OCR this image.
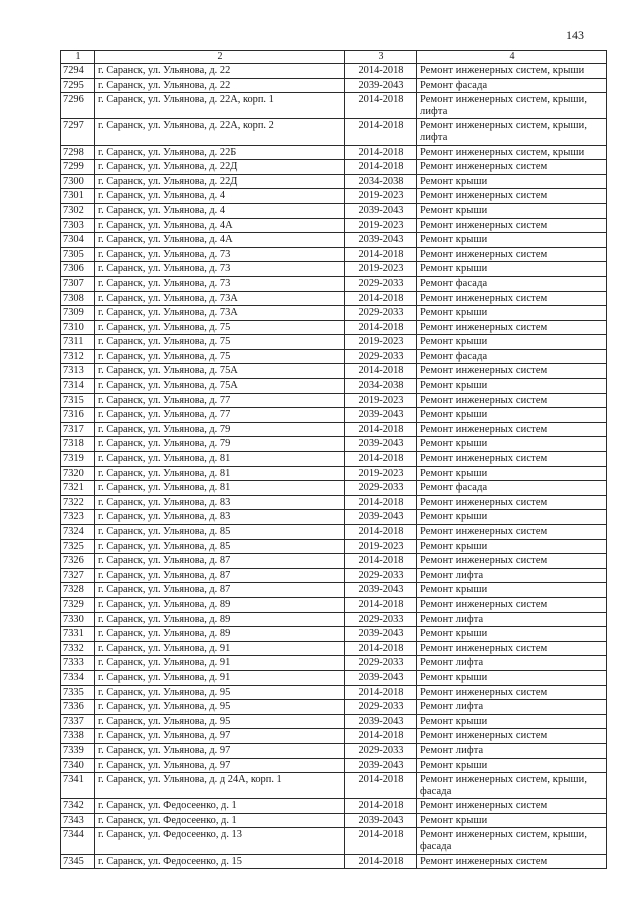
143
1	2	3	4
7294	г. Саранск, ул. Ульянова, д. 22	2014-2018	Ремонт инженерных систем, крыши
7295	г. Саранск, ул. Ульянова, д. 22	2039-2043	Ремонт фасада
7296	г. Саранск, ул. Ульянова, д. 22А, корп. 1	2014-2018	Ремонт инженерных систем, крыши, лифта
7297	г. Саранск, ул. Ульянова, д. 22А, корп. 2	2014-2018	Ремонт инженерных систем, крыши, лифта
7298	г. Саранск, ул. Ульянова, д. 22Б	2014-2018	Ремонт инженерных систем, крыши
7299	г. Саранск, ул. Ульянова, д. 22Д	2014-2018	Ремонт инженерных систем
7300	г. Саранск, ул. Ульянова, д. 22Д	2034-2038	Ремонт крыши
7301	г. Саранск, ул. Ульянова, д. 4	2019-2023	Ремонт инженерных систем
7302	г. Саранск, ул. Ульянова, д. 4	2039-2043	Ремонт крыши
7303	г. Саранск, ул. Ульянова, д. 4А	2019-2023	Ремонт инженерных систем
7304	г. Саранск, ул. Ульянова, д. 4А	2039-2043	Ремонт крыши
7305	г. Саранск, ул. Ульянова, д. 73	2014-2018	Ремонт инженерных систем
7306	г. Саранск, ул. Ульянова, д. 73	2019-2023	Ремонт крыши
7307	г. Саранск, ул. Ульянова, д. 73	2029-2033	Ремонт фасада
7308	г. Саранск, ул. Ульянова, д. 73А	2014-2018	Ремонт инженерных систем
7309	г. Саранск, ул. Ульянова, д. 73А	2029-2033	Ремонт крыши
7310	г. Саранск, ул. Ульянова, д. 75	2014-2018	Ремонт инженерных систем
7311	г. Саранск, ул. Ульянова, д. 75	2019-2023	Ремонт крыши
7312	г. Саранск, ул. Ульянова, д. 75	2029-2033	Ремонт фасада
7313	г. Саранск, ул. Ульянова, д. 75А	2014-2018	Ремонт инженерных систем
7314	г. Саранск, ул. Ульянова, д. 75А	2034-2038	Ремонт крыши
7315	г. Саранск, ул. Ульянова, д. 77	2019-2023	Ремонт инженерных систем
7316	г. Саранск, ул. Ульянова, д. 77	2039-2043	Ремонт крыши
7317	г. Саранск, ул. Ульянова, д. 79	2014-2018	Ремонт инженерных систем
7318	г. Саранск, ул. Ульянова, д. 79	2039-2043	Ремонт крыши
7319	г. Саранск, ул. Ульянова, д. 81	2014-2018	Ремонт инженерных систем
7320	г. Саранск, ул. Ульянова, д. 81	2019-2023	Ремонт крыши
7321	г. Саранск, ул. Ульянова, д. 81	2029-2033	Ремонт фасада
7322	г. Саранск, ул. Ульянова, д. 83	2014-2018	Ремонт инженерных систем
7323	г. Саранск, ул. Ульянова, д. 83	2039-2043	Ремонт крыши
7324	г. Саранск, ул. Ульянова, д. 85	2014-2018	Ремонт инженерных систем
7325	г. Саранск, ул. Ульянова, д. 85	2019-2023	Ремонт крыши
7326	г. Саранск, ул. Ульянова, д. 87	2014-2018	Ремонт инженерных систем
7327	г. Саранск, ул. Ульянова, д. 87	2029-2033	Ремонт лифта
7328	г. Саранск, ул. Ульянова, д. 87	2039-2043	Ремонт крыши
7329	г. Саранск, ул. Ульянова, д. 89	2014-2018	Ремонт инженерных систем
7330	г. Саранск, ул. Ульянова, д. 89	2029-2033	Ремонт лифта
7331	г. Саранск, ул. Ульянова, д. 89	2039-2043	Ремонт крыши
7332	г. Саранск, ул. Ульянова, д. 91	2014-2018	Ремонт инженерных систем
7333	г. Саранск, ул. Ульянова, д. 91	2029-2033	Ремонт лифта
7334	г. Саранск, ул. Ульянова, д. 91	2039-2043	Ремонт крыши
7335	г. Саранск, ул. Ульянова, д. 95	2014-2018	Ремонт инженерных систем
7336	г. Саранск, ул. Ульянова, д. 95	2029-2033	Ремонт лифта
7337	г. Саранск, ул. Ульянова, д. 95	2039-2043	Ремонт крыши
7338	г. Саранск, ул. Ульянова, д. 97	2014-2018	Ремонт инженерных систем
7339	г. Саранск, ул. Ульянова, д. 97	2029-2033	Ремонт лифта
7340	г. Саранск, ул. Ульянова, д. 97	2039-2043	Ремонт крыши
7341	г. Саранск, ул. Ульянова, д. д 24А, корп. 1	2014-2018	Ремонт инженерных систем, крыши, фасада
7342	г. Саранск, ул. Федосеенко, д. 1	2014-2018	Ремонт инженерных систем
7343	г. Саранск, ул. Федосеенко, д. 1	2039-2043	Ремонт крыши
7344	г. Саранск, ул. Федосеенко, д. 13	2014-2018	Ремонт инженерных систем, крыши, фасада
7345	г. Саранск, ул. Федосеенко, д. 15	2014-2018	Ремонт инженерных систем
